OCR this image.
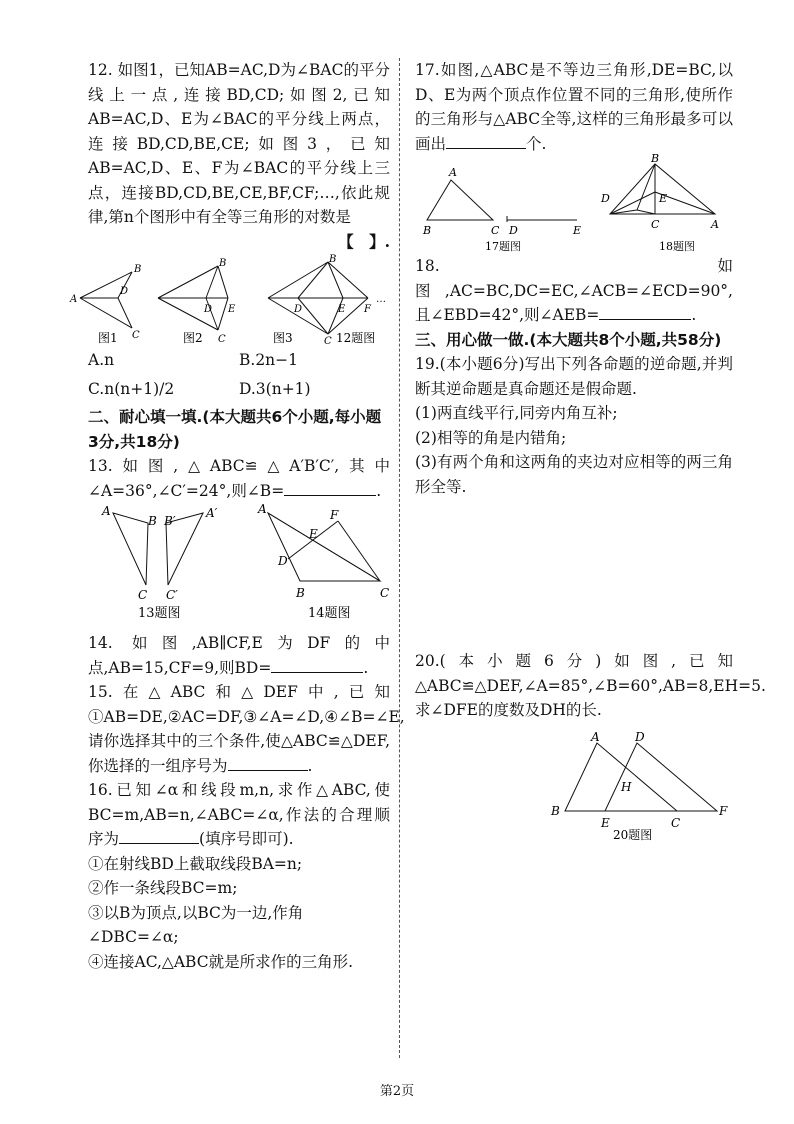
12. 如图1，已知AB=AC,D为∠BAC的平分线上一点,连接BD,CD;如图2,已知AB=AC,D、E为∠BAC的平分线上两点，连接BD,CD,BE,CE;如图3，已知AB=AC,D、E、F为∠BAC的平分线上三点，连接BD,CD,BE,CE,BF,CF;…,依此规律,第n个图形中有全等三角形的对数是

【　】.

A
B
D
C
B
D E
C
B
D	E F
C
…
图1	图2	图3	12题图
A.n	B.2n−1
C.n(n+1)/2	D.3(n+1)

二、耐心填一填.(本大题共6个小题,每小题3分,共18分)

13.如图,△ABC≌△A′B′C′,其中∠A=36°,∠C′=24°,则∠B=	.

A
B B′
A′
C C′
A	F
E
D
B	C
13题图	14题图

14. 如图,AB∥CF,E为DF的中点,AB=15,CF=9,则BD=	.

15.在△ABC和△DEF中,已知①AB=DE,②AC=DF,③∠A=∠D,④∠B=∠E,请你选择其中的三个条件,使△ABC≌△DEF,你选择的一组序号为	.

16.已知∠α和线段m,n,求作△ABC,使BC=m,AB=n,∠ABC=∠α,作法的合理顺序为	(填序号即可).

①在射线BD上截取线段BA=n;

②作一条线段BC=m;

③以B为顶点,以BC为一边,作角∠DBC=∠α;

④连接AC,△ABC就是所求作的三角形.

17.如图,△ABC是不等边三角形,DE=BC,以D、E为两个顶点作位置不同的三角形,使所作的三角形与△ABC全等,这样的三角形最多可以画出	个.

A
B	C D	E
B
D	E
C	A
17题图	18题图

18.如图,AC=BC,DC=EC,∠ACB=∠ECD=90°,且∠EBD=42°,则∠AEB=	.

三、用心做一做.(本大题共8个小题,共58分)

19.(本小题6分)写出下列各命题的逆命题,并判断其逆命题是真命题还是假命题.

(1)两直线平行,同旁内角互补;

(2)相等的角是内错角;

(3)有两个角和这两角的夹边对应相等的两三角形全等.

20.(本小题6分)如图,已知△ABC≌△DEF,∠A=85°,∠B=60°,AB=8,EH=5.求∠DFE的度数及DH的长.

A	D
H
B
E	C
F
20题图
第2页
